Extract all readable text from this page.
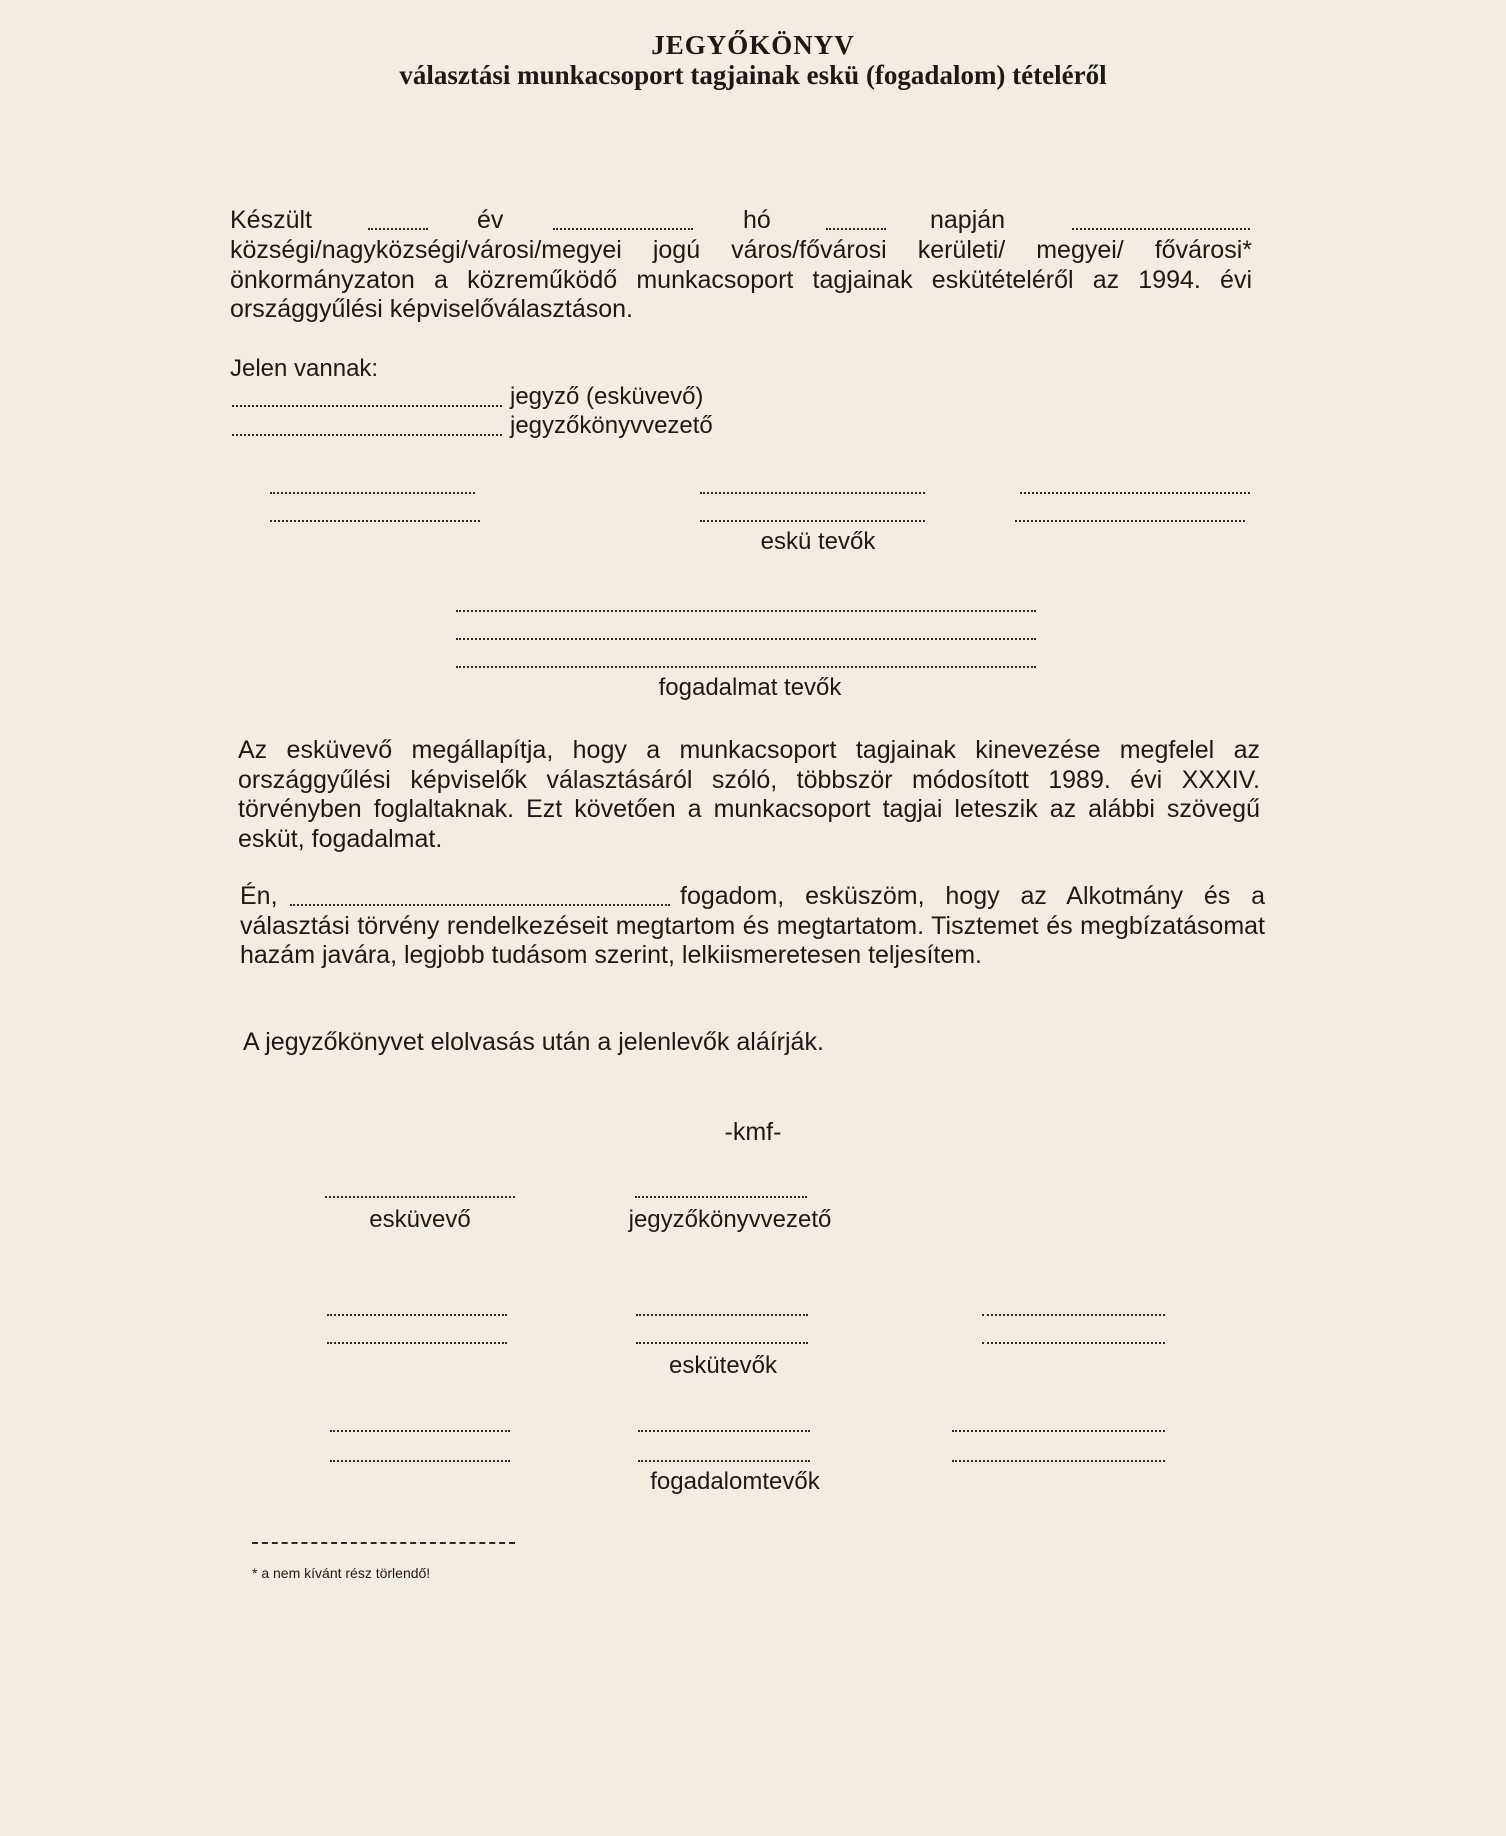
JEGYŐKÖNYV
választási munkacsoport tagjainak eskü (fogadalom) tételéről
Készült	év	hó	napján
községi/nagyközségi/városi/megyei jogú város/fővárosi kerületi/ megyei/ fővárosi* önkormányzaton a közreműködő munkacsoport tagjainak eskütételéről az 1994. évi országgyűlési képviselőválasztáson.
Jelen vannak:
jegyző (esküvevő)
jegyzőkönyvvezető
eskü tevők
fogadalmat tevők
Az esküvevő megállapítja, hogy a munkacsoport tagjainak kinevezése megfelel az országgyűlési képviselők választásáról szóló, többször módosított 1989. évi XXXIV. törvényben foglaltaknak. Ezt követően a munkacsoport tagjai leteszik az alábbi szövegű esküt, fogadalmat.
Én,	fogadom, esküszöm, hogy az Alkotmány és a választási törvény rendelkezéseit megtartom és megtartatom. Tisztemet és megbízatásomat hazám javára, legjobb tudásom szerint, lelkiismeretesen teljesítem.
A jegyzőkönyvet elolvasás után a jelenlevők aláírják.
-kmf-
esküvevő	jegyzőkönyvvezető
eskütevők
fogadalomtevők
* a nem kívánt rész törlendő!
